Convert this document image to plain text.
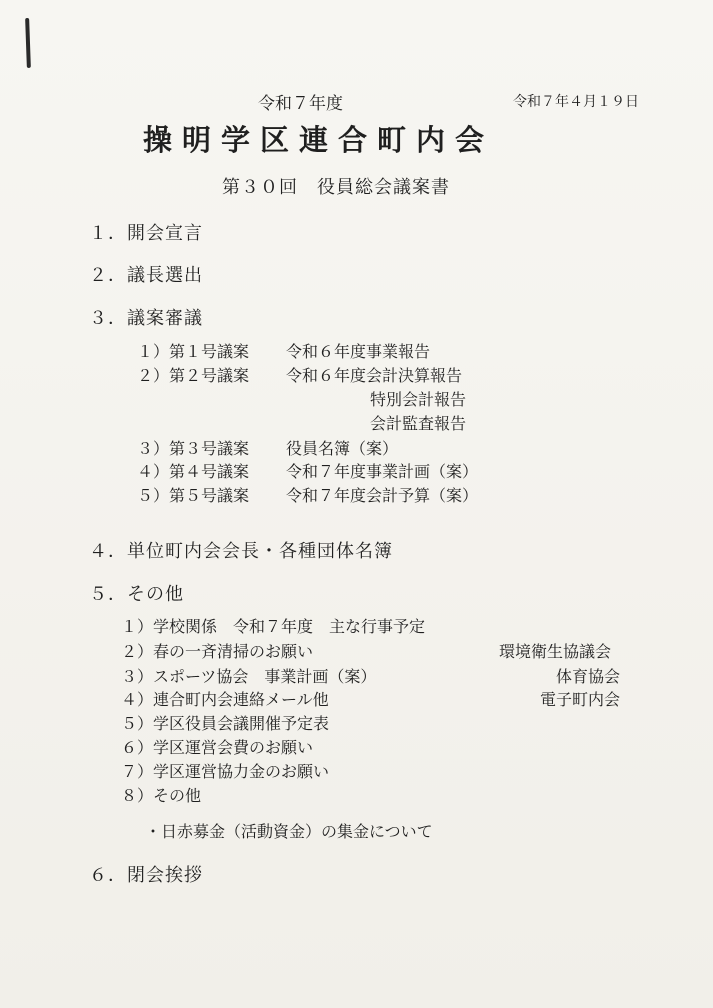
令和７年度	令和７年４月１９日
操明学区連合町内会
第３０回　役員総会議案書
１．開会宣言
２．議長選出
３．議案審議
１）第１号議案 令和６年度事業報告
２）第２号議案 令和６年度会計決算報告
特別会計報告
会計監査報告
３）第３号議案 役員名簿（案）
４）第４号議案 令和７年度事業計画（案）
５）第５号議案 令和７年度会計予算（案）
４．単位町内会会長・各種団体名簿
５．その他
１）学校関係　令和７年度　主な行事予定
２）春の一斉清掃のお願い	環境衛生協議会
３）スポーツ協会　事業計画（案）	体育協会
４）連合町内会連絡メール他	電子町内会
５）学区役員会議開催予定表
６）学区運営会費のお願い
７）学区運営協力金のお願い
８）その他
・日赤募金（活動資金）の集金について
６．閉会挨拶
